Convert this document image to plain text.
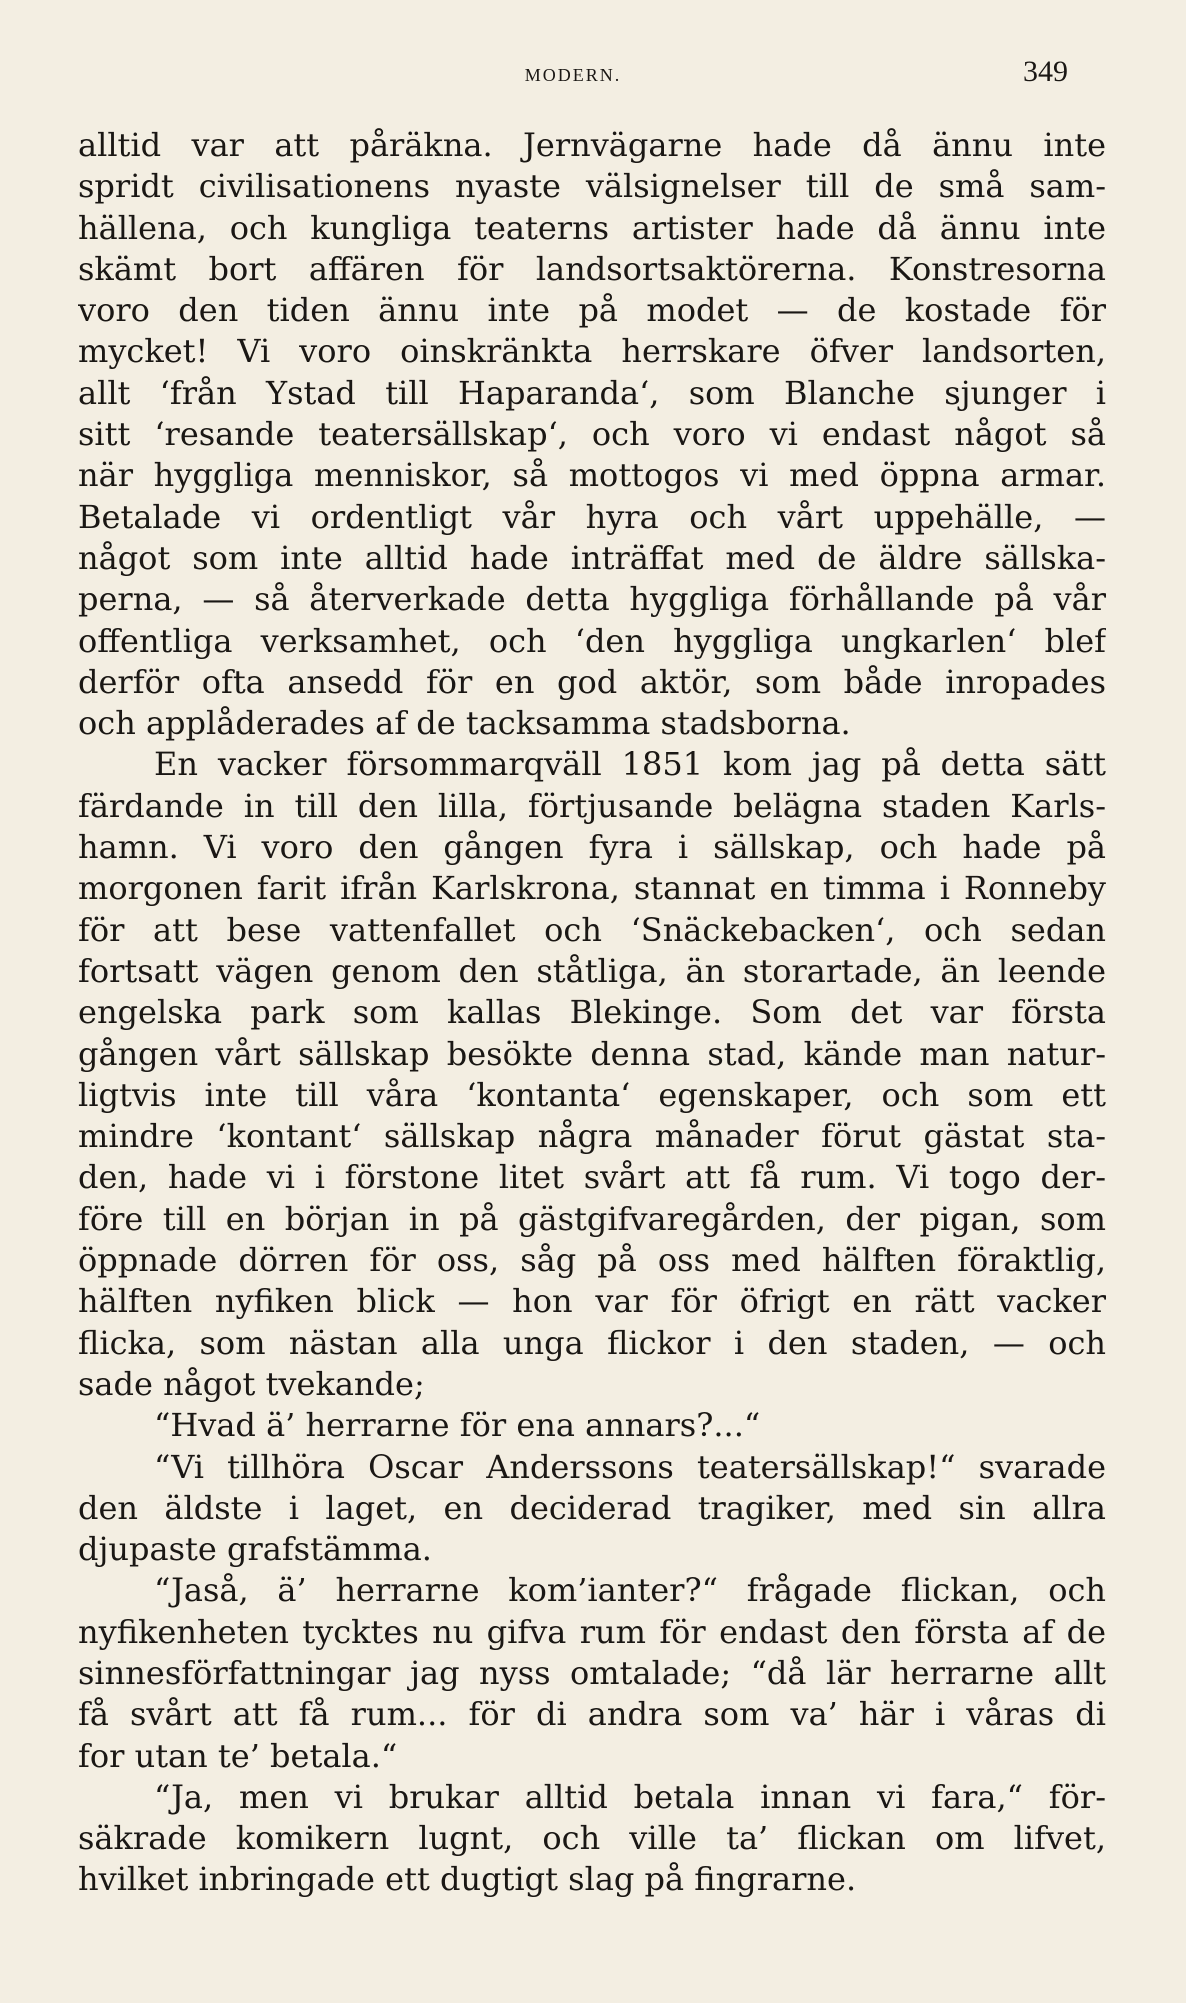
MODERN.	349
alltid var att påräkna. Jernvägarne hade då ännu inte
spridt civilisationens nyaste välsignelser till de små sam-
hällena, och kungliga teaterns artister hade då ännu inte
skämt bort affären för landsortsaktörerna. Konstresorna
voro den tiden ännu inte på modet — de kostade för
mycket! Vi voro oinskränkta herrskare öfver landsorten,
allt ‘från Ystad till Haparanda‘, som Blanche sjunger i
sitt ‘resande teatersällskap‘, och voro vi endast något så
när hyggliga menniskor, så mottogos vi med öppna armar.
Betalade vi ordentligt vår hyra och vårt uppehälle, —
något som inte alltid hade inträffat med de äldre sällska-
perna, — så återverkade detta hyggliga förhållande på vår
offentliga verksamhet, och ‘den hyggliga ungkarlen‘ blef
derför ofta ansedd för en god aktör, som både inropades
och applåderades af de tacksamma stadsborna.
En vacker försommarqväll 1851 kom jag på detta sätt
färdande in till den lilla, förtjusande belägna staden Karls-
hamn. Vi voro den gången fyra i sällskap, och hade på
morgonen farit ifrån Karlskrona, stannat en timma i Ronneby
för att bese vattenfallet och ‘Snäckebacken‘, och sedan
fortsatt vägen genom den ståtliga, än storartade, än leende
engelska park som kallas Blekinge. Som det var första
gången vårt sällskap besökte denna stad, kände man natur-
ligtvis inte till våra ‘kontanta‘ egenskaper, och som ett
mindre ‘kontant‘ sällskap några månader förut gästat sta-
den, hade vi i förstone litet svårt att få rum. Vi togo der-
före till en början in på gästgifvaregården, der pigan, som
öppnade dörren för oss, såg på oss med hälften föraktlig,
hälften nyfiken blick — hon var för öfrigt en rätt vacker
flicka, som nästan alla unga flickor i den staden, — och
sade något tvekande;
“Hvad ä’ herrarne för ena annars?...“
“Vi tillhöra Oscar Anderssons teatersällskap!“ svarade
den äldste i laget, en deciderad tragiker, med sin allra
djupaste grafstämma.
“Jaså, ä’ herrarne kom’ianter?“ frågade flickan, och
nyfikenheten tycktes nu gifva rum för endast den första af de
sinnesförfattningar jag nyss omtalade; “då lär herrarne allt
få svårt att få rum... för di andra som va’ här i våras di
for utan te’ betala.“
“Ja, men vi brukar alltid betala innan vi fara,“ för-
säkrade komikern lugnt, och ville ta’ flickan om lifvet,
hvilket inbringade ett dugtigt slag på fingrarne.
